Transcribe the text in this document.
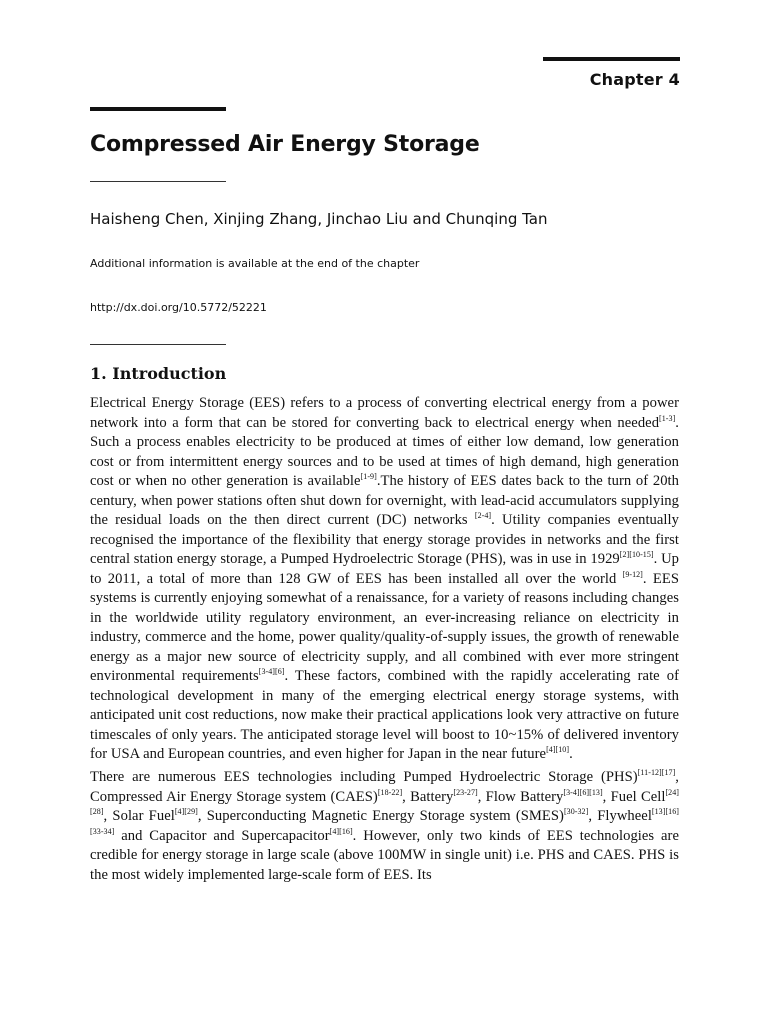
Chapter 4
Compressed Air Energy Storage
Haisheng Chen, Xinjing Zhang, Jinchao Liu and Chunqing Tan
Additional information is available at the end of the chapter
http://dx.doi.org/10.5772/52221
1. Introduction

Electrical Energy Storage (EES) refers to a process of converting electrical energy from a power network into a form that can be stored for converting back to electrical energy when needed[1-3]. Such a process enables electricity to be produced at times of either low demand, low generation cost or from intermittent energy sources and to be used at times of high demand, high generation cost or when no other generation is available[1-9].The history of EES dates back to the turn of 20th century, when power stations often shut down for overnight, with lead-acid accumulators supplying the residual loads on the then direct current (DC) networks [2-4]. Utility companies eventually recognised the importance of the flexibility that energy storage provides in networks and the first central station energy storage, a Pumped Hydroelectric Storage (PHS), was in use in 1929[2][10-15]. Up to 2011, a total of more than 128 GW of EES has been installed all over the world [9-12]. EES systems is currently enjoying somewhat of a renaissance, for a variety of reasons including changes in the worldwide utility regulatory environment, an ever-increasing reliance on electricity in industry, commerce and the home, power quality/quality-of-supply issues, the growth of renewable energy as a major new source of electricity supply, and all combined with ever more stringent environmental requirements[3-4][6]. These factors, combined with the rapidly accelerating rate of technological development in many of the emerging electrical energy storage systems, with anticipated unit cost reductions, now make their practical applications look very attractive on future timescales of only years. The anticipated storage level will boost to 10~15% of delivered inventory for USA and European countries, and even higher for Japan in the near future[4][10].

There are numerous EES technologies including Pumped Hydroelectric Storage (PHS)[11-12][17], Compressed Air Energy Storage system (CAES)[18-22], Battery[23-27], Flow Battery[3-4][6][13], Fuel Cell[24][28], Solar Fuel[4][29], Superconducting Magnetic Energy Storage system (SMES)[30-32], Flywheel[13][16][33-34] and Capacitor and Supercapacitor[4][16]. However, only two kinds of EES technologies are credible for energy storage in large scale (above 100MW in single unit) i.e. PHS and CAES. PHS is the most widely implemented large-scale form of EES. Its
